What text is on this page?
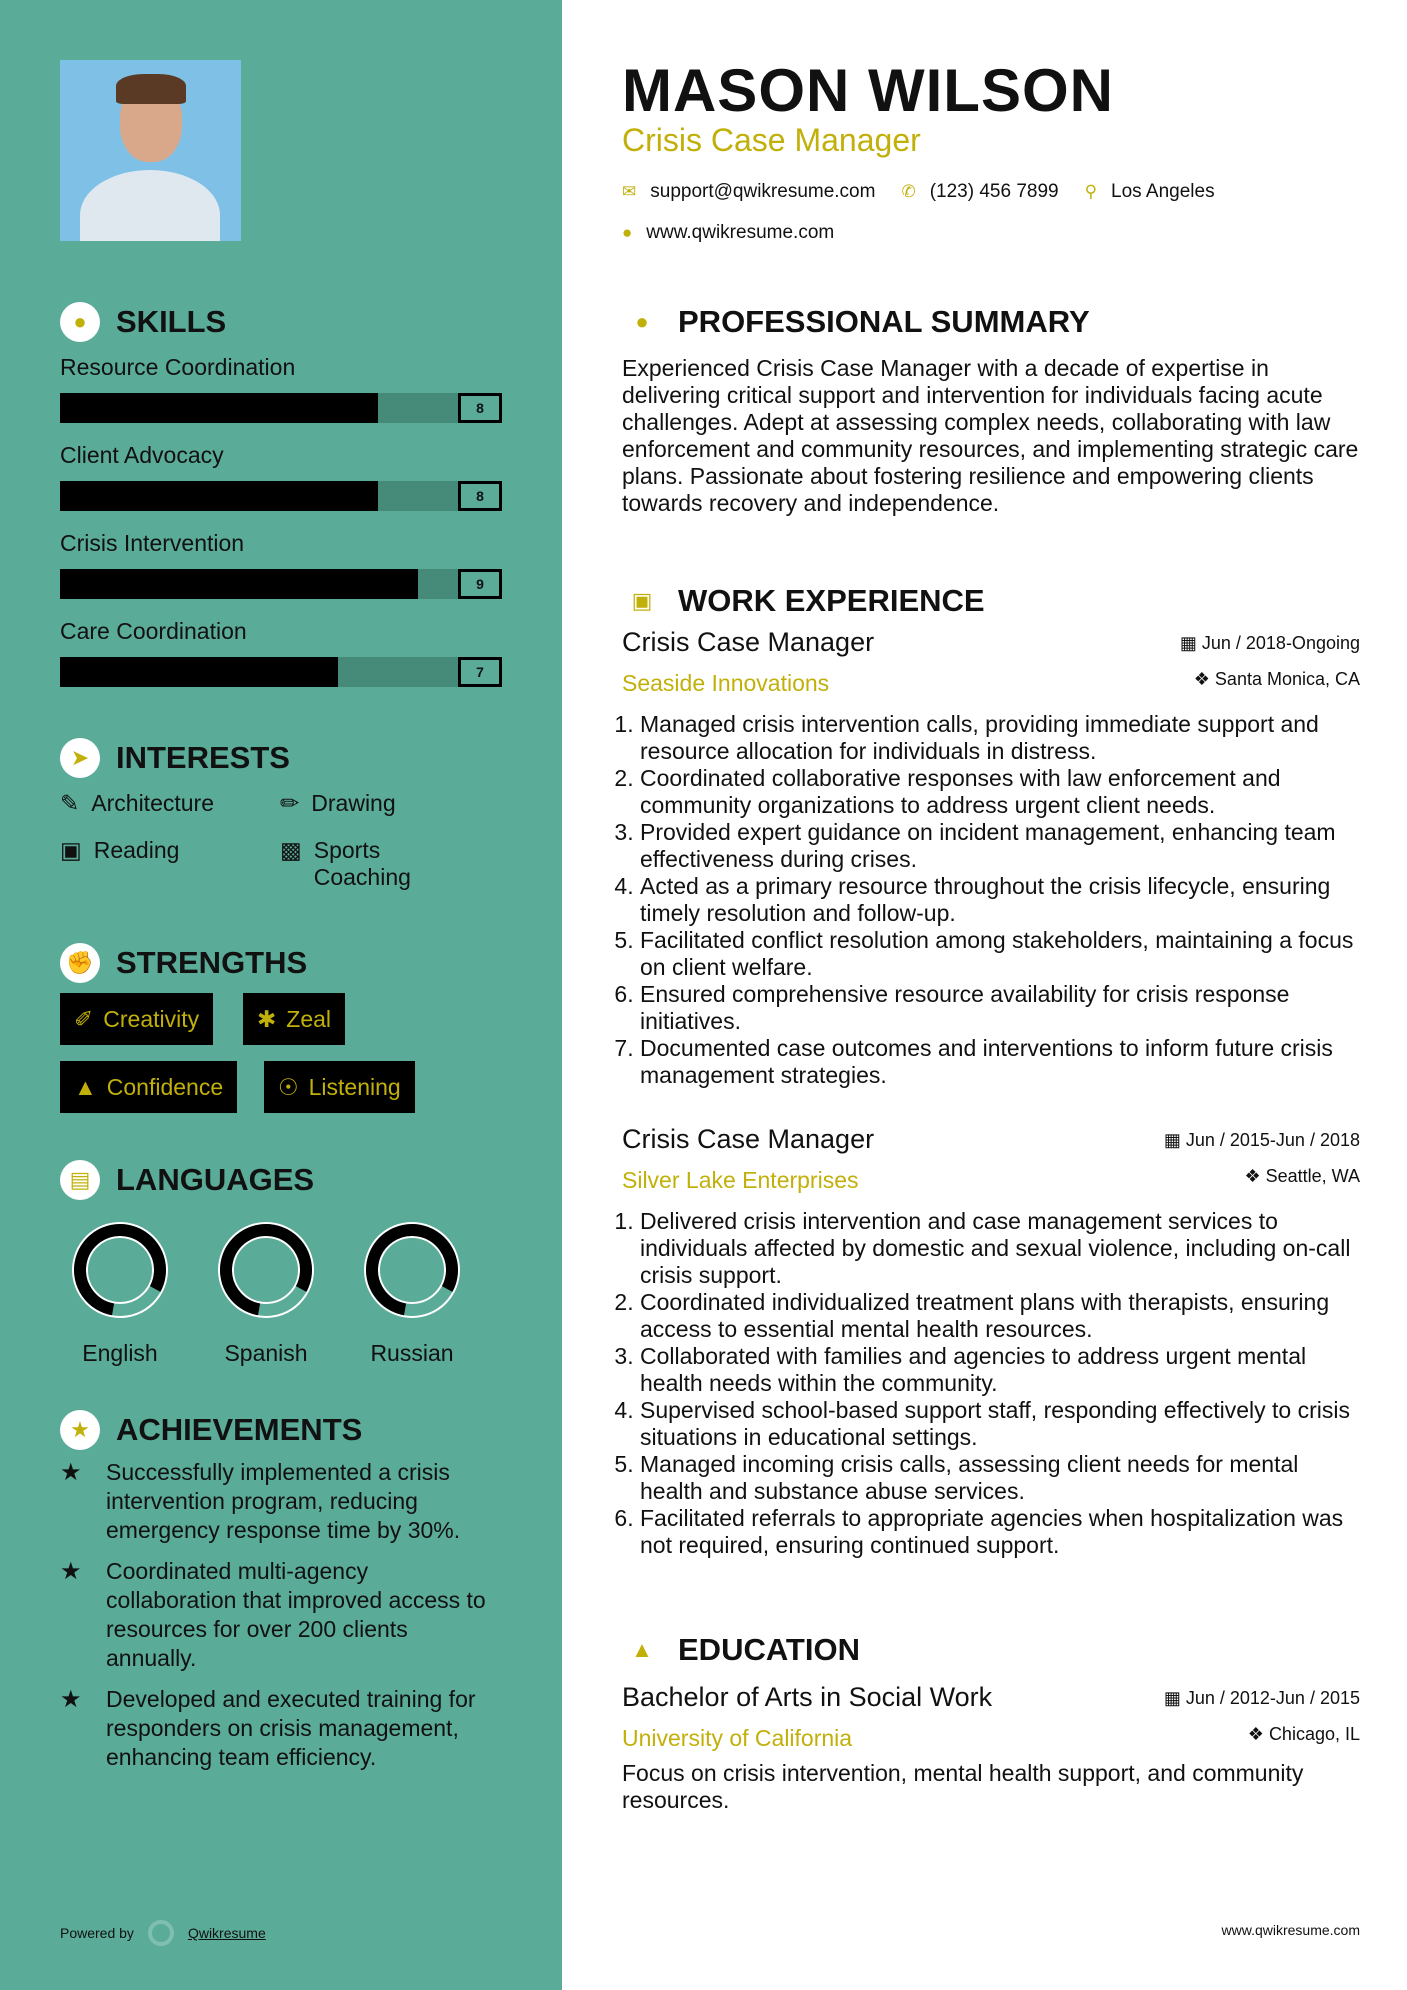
● SKILLS
Resource Coordination
8
Client Advocacy
8
Crisis Intervention
9
Care Coordination
7
➤ INTERESTS
✎ Architecture	✏ Drawing
▣ Reading	▩ Sports Coaching
✊ STRENGTHS
✐ Creativity	✱ Zeal
▲ Confidence ☉ Listening
▤ LANGUAGES
English	Spanish	Russian
★ ACHIEVEMENTS
★	Successfully implemented a crisis intervention program, reducing emergency response time by 30%.
★	Coordinated multi-agency collaboration that improved access to resources for over 200 clients annually.
★	Developed and executed training for responders on crisis management, enhancing team efficiency.
Powered by	Qwikresume
MASON WILSON
Crisis Case Manager
✉ support@qwikresume.com ✆ (123) 456 7899 ⚲ Los Angeles
● www.qwikresume.com
● PROFESSIONAL SUMMARY
Experienced Crisis Case Manager with a decade of expertise in delivering critical support and intervention for individuals facing acute challenges. Adept at assessing complex needs, collaborating with law enforcement and community resources, and implementing strategic care plans. Passionate about fostering resilience and empowering clients towards recovery and independence.
▣ WORK EXPERIENCE
Crisis Case Manager	▦ Jun / 2018-Ongoing
Seaside Innovations	❖ Santa Monica, CA
1. Managed crisis intervention calls, providing immediate support and resource allocation for individuals in distress.
2. Coordinated collaborative responses with law enforcement and community organizations to address urgent client needs.
3. Provided expert guidance on incident management, enhancing team effectiveness during crises.
4. Acted as a primary resource throughout the crisis lifecycle, ensuring timely resolution and follow-up.
5. Facilitated conflict resolution among stakeholders, maintaining a focus on client welfare.
6. Ensured comprehensive resource availability for crisis response initiatives.
7. Documented case outcomes and interventions to inform future crisis management strategies.
Crisis Case Manager	▦ Jun / 2015-Jun / 2018
Silver Lake Enterprises	❖ Seattle, WA
1. Delivered crisis intervention and case management services to individuals affected by domestic and sexual violence, including on-call crisis support.
2. Coordinated individualized treatment plans with therapists, ensuring access to essential mental health resources.
3. Collaborated with families and agencies to address urgent mental health needs within the community.
4. Supervised school-based support staff, responding effectively to crisis situations in educational settings.
5. Managed incoming crisis calls, assessing client needs for mental health and substance abuse services.
6. Facilitated referrals to appropriate agencies when hospitalization was not required, ensuring continued support.
▲ EDUCATION
Bachelor of Arts in Social Work	▦ Jun / 2012-Jun / 2015
University of California	❖ Chicago, IL
Focus on crisis intervention, mental health support, and community resources.
www.qwikresume.com
